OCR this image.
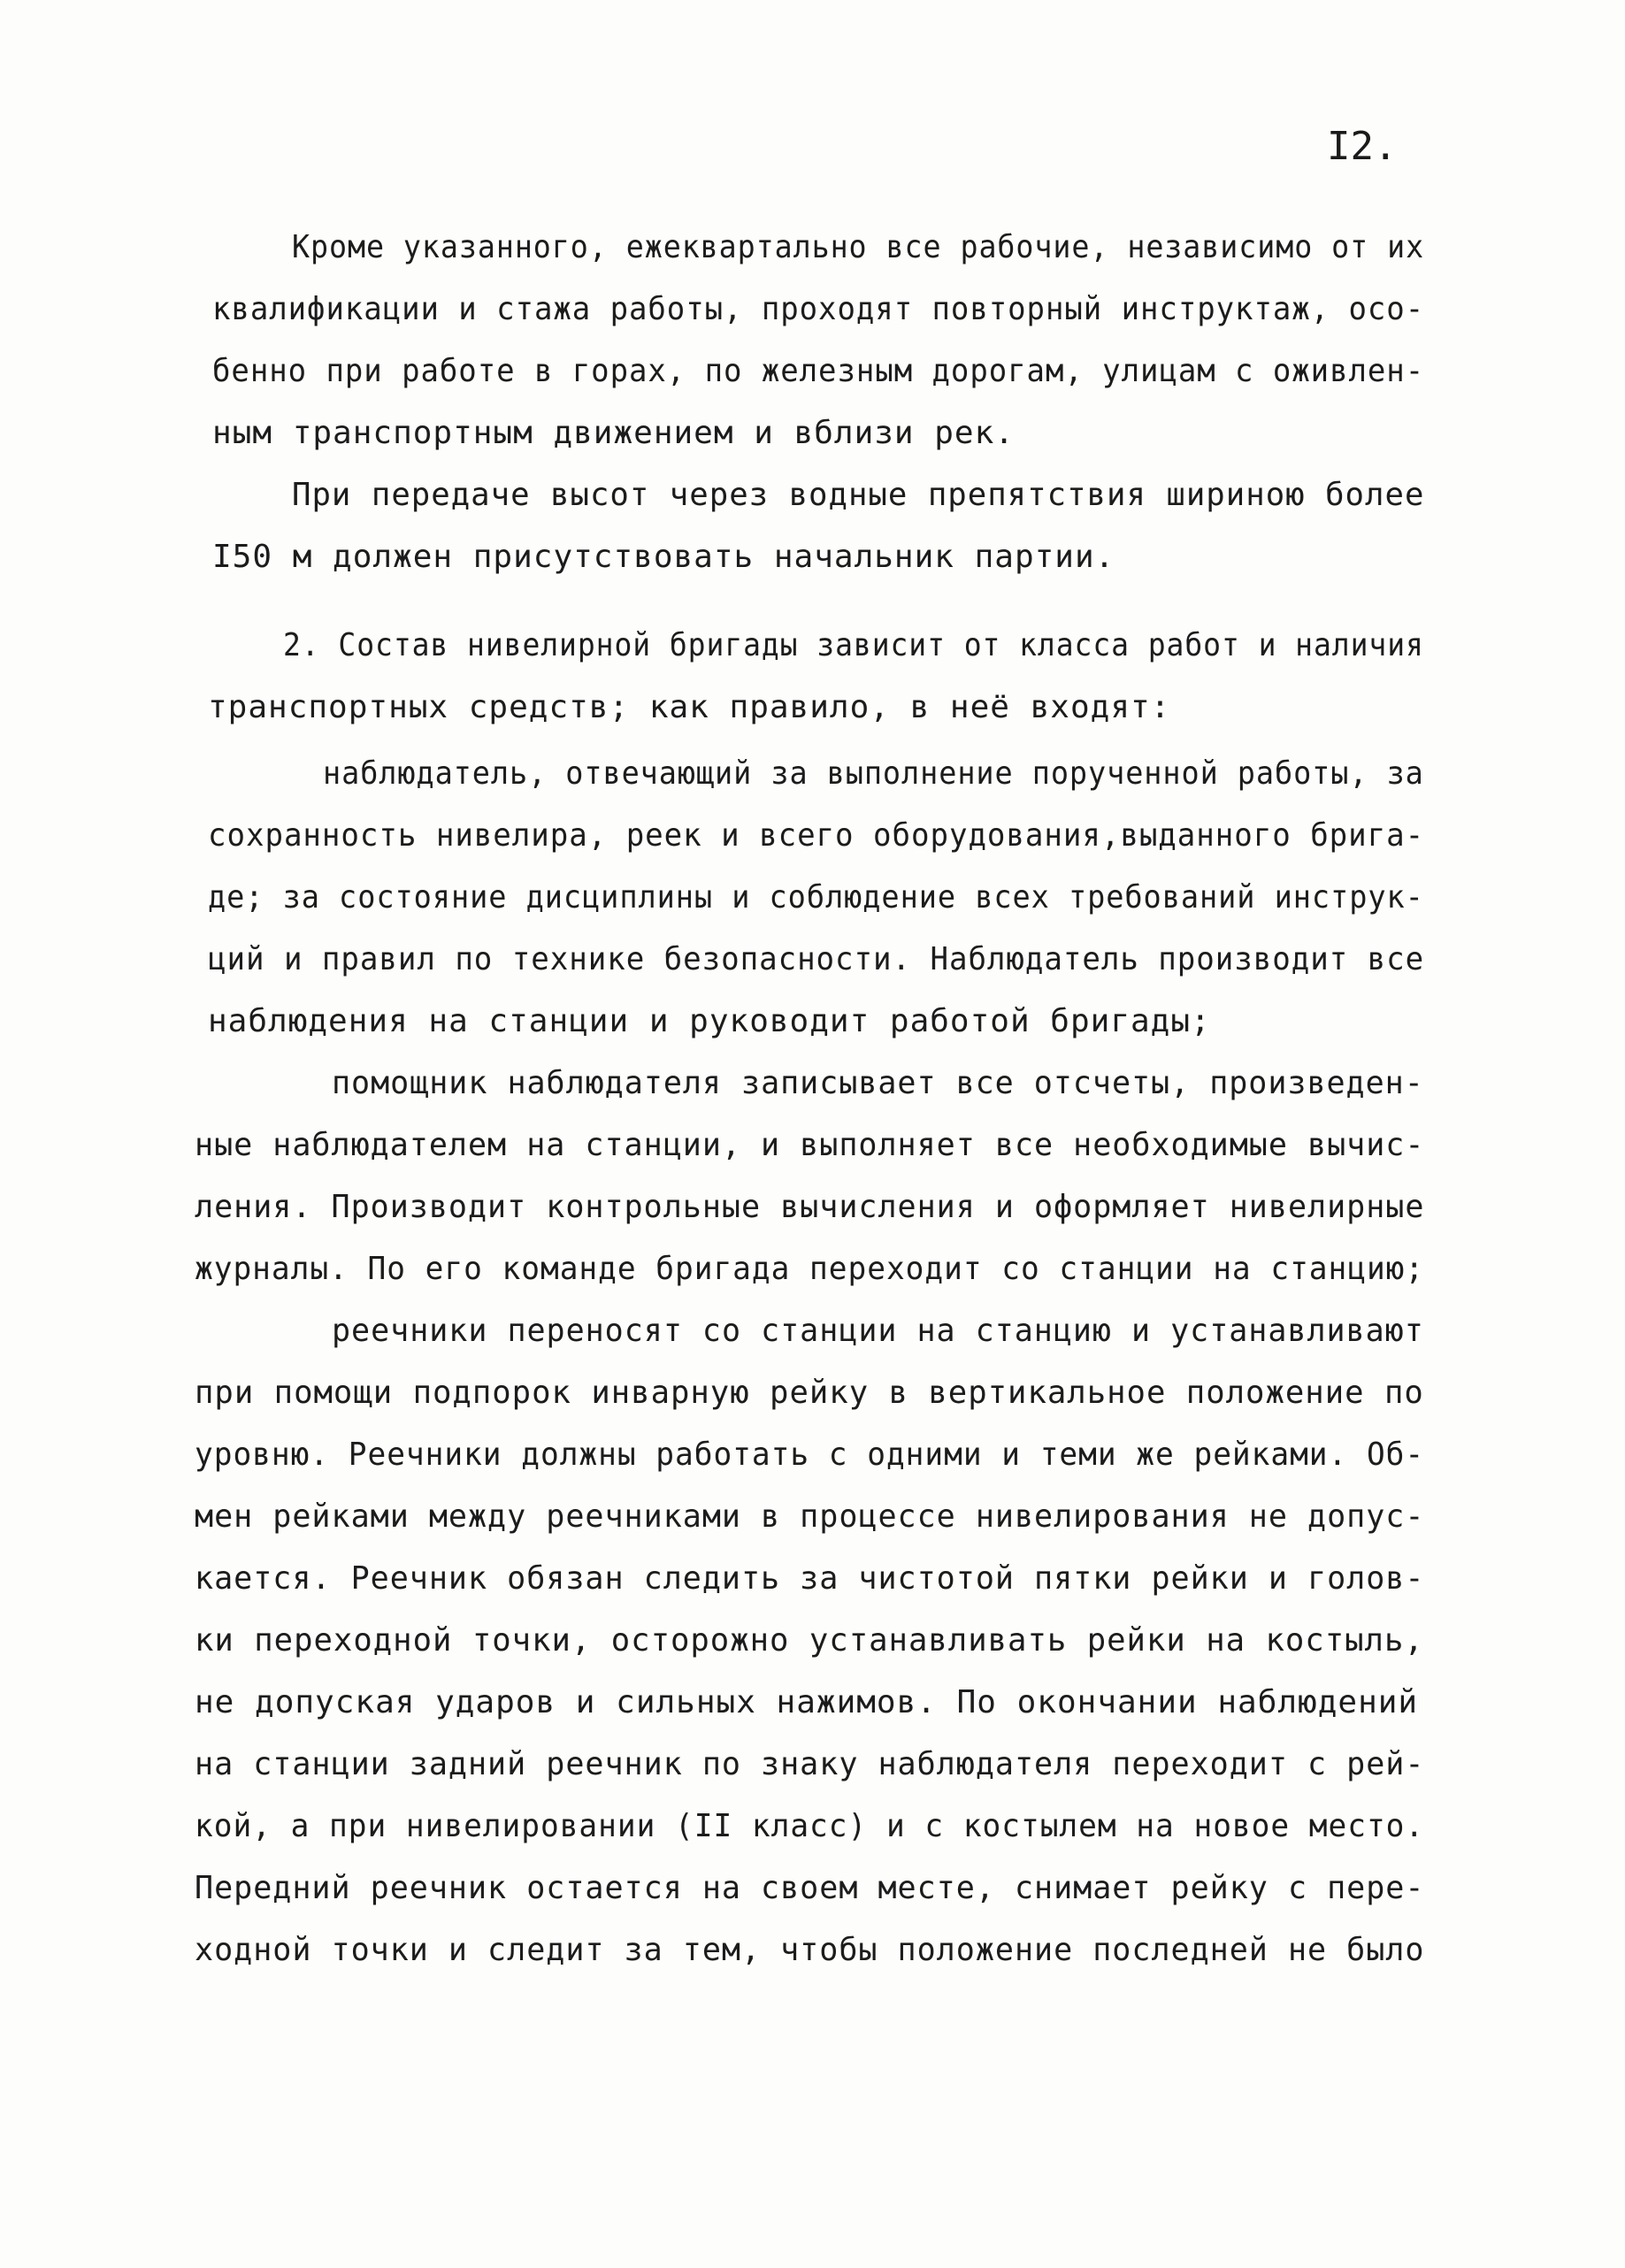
I2.
Кроме указанного, ежеквартально все рабочие, независимо от их
квалификации и стажа работы, проходят повторный инструктаж, осо-
бенно при работе в горах, по железным дорогам, улицам с оживлен-
ным транспортным движением и вблизи рек.
При передаче высот через водные препятствия шириною более
I50 м должен присутствовать начальник партии.
2. Состав нивелирной бригады зависит от класса работ и наличия
транспортных средств; как правило, в неё входят:
наблюдатель, отвечающий за выполнение порученной работы, за
сохранность нивелира, реек и всего оборудования,выданного брига-
де; за состояние дисциплины и соблюдение всех требований инструк-
ций и правил по технике безопасности. Наблюдатель производит все
наблюдения на станции и руководит работой бригады;
помощник наблюдателя записывает все отсчеты, произведен-
ные наблюдателем на станции, и выполняет все необходимые вычис-
ления. Производит контрольные вычисления и оформляет нивелирные
журналы. По его команде бригада переходит со станции на станцию;
реечники переносят со станции на станцию и устанавливают
при помощи подпорок инварную рейку в вертикальное положение по
уровню. Реечники должны работать с одними и теми же рейками. Об-
мен рейками между реечниками в процессе нивелирования не допус-
кается. Реечник обязан следить за чистотой пятки рейки и голов-
ки переходной точки, осторожно устанавливать рейки на костыль,
не допуская ударов и сильных нажимов. По окончании наблюдений
на станции задний реечник по знаку наблюдателя переходит с рей-
кой, а при нивелировании (II класс) и с костылем на новое место.
Передний реечник остается на своем месте, снимает рейку с пере-
ходной точки и следит за тем, чтобы положение последней не было
